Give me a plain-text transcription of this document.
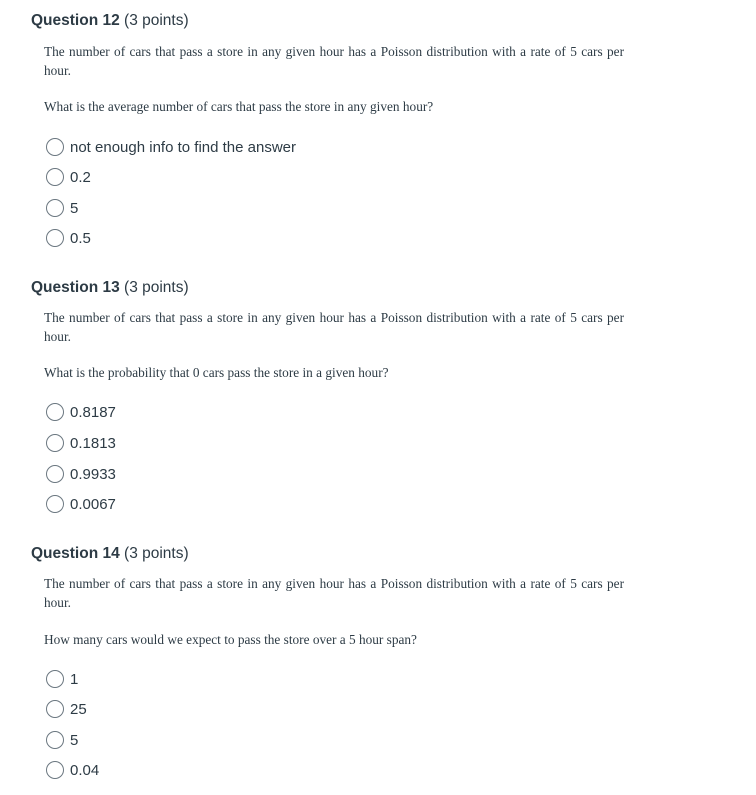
Question 12 (3 points)
The number of cars that pass a store in any given hour has a Poisson distribution with a rate of 5 cars per hour.
What is the average number of cars that pass the store in any given hour?
not enough info to find the answer
0.2
5
0.5
Question 13 (3 points)
The number of cars that pass a store in any given hour has a Poisson distribution with a rate of 5 cars per hour.
What is the probability that 0 cars pass the store in a given hour?
0.8187
0.1813
0.9933
0.0067
Question 14 (3 points)
The number of cars that pass a store in any given hour has a Poisson distribution with a rate of 5 cars per hour.
How many cars would we expect to pass the store over a 5 hour span?
1
25
5
0.04
